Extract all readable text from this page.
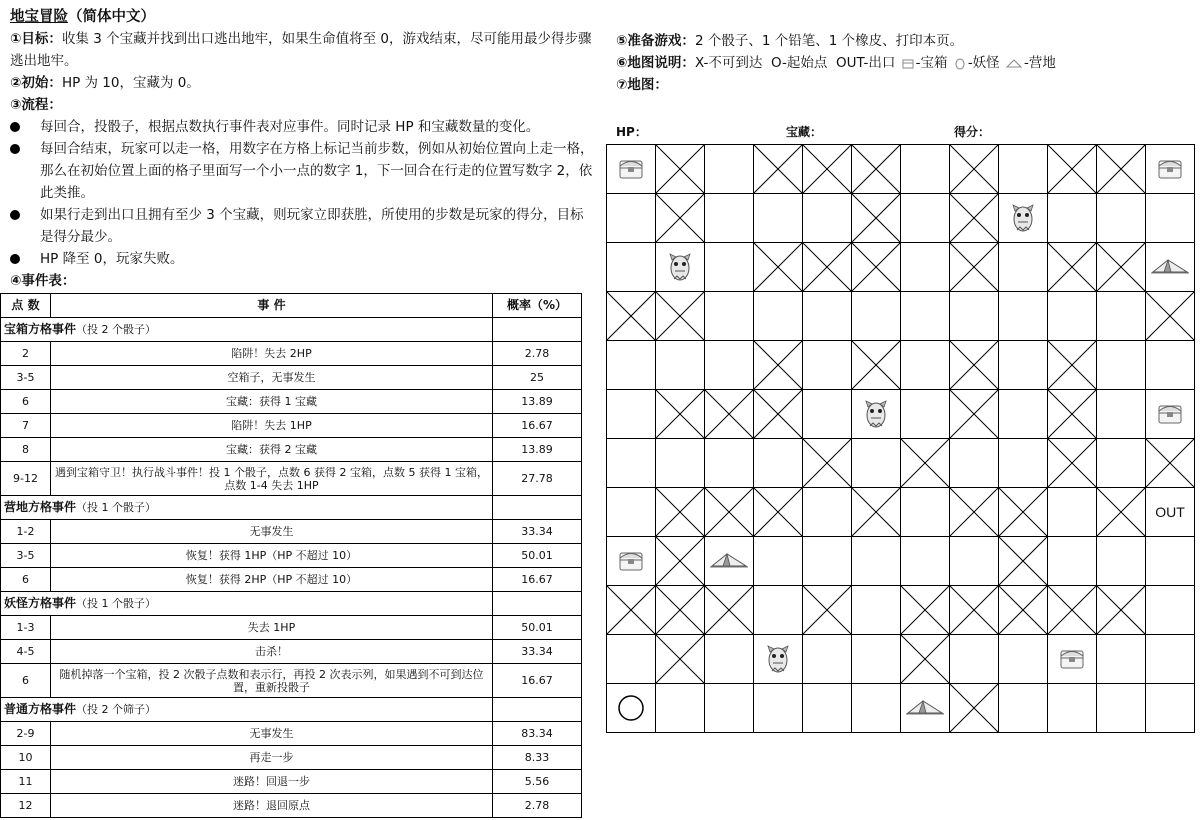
地宝冒险（简体中文）

①目标：收集 3 个宝藏并找到出口逃出地牢，如果生命值将至 0，游戏结束，尽可能用最少得步骤逃出地牢。

②初始：HP 为 10，宝藏为 0。

③流程：

每回合，投骰子，根据点数执行事件表对应事件。同时记录 HP 和宝藏数量的变化。
每回合结束，玩家可以走一格，用数字在方格上标记当前步数，例如从初始位置向上走一格，那么在初始位置上面的格子里面写一个小一点的数字 1，下一回合在行走的位置写数字 2，依此类推。
如果行走到出口且拥有至少 3 个宝藏，则玩家立即获胜，所使用的步数是玩家的得分，目标是得分最少。
HP 降至 0，玩家失败。

④事件表：

点 数	事 件	概率（%）
宝箱方格事件（投 2 个骰子）		
2	陷阱！失去 2HP	2.78
3-5	空箱子，无事发生	25
6	宝藏：获得 1 宝藏	13.89
7	陷阱！失去 1HP	16.67
8	宝藏：获得 2 宝藏	13.89
9-12	遇到宝箱守卫！执行战斗事件！投 1 个骰子，点数 6 获得 2 宝箱，点数 5 获得 1 宝箱，点数 1-4 失去 1HP	27.78
营地方格事件（投 1 个骰子）		
1-2	无事发生	33.34
3-5	恢复！获得 1HP（HP 不超过 10）	50.01
6	恢复！获得 2HP（HP 不超过 10）	16.67
妖怪方格事件（投 1 个骰子）		
1-3	失去 1HP	50.01
4-5	击杀！	33.34
6	随机掉落一个宝箱，投 2 次骰子点数和表示行，再投 2 次表示列，如果遇到不可到达位置，重新投骰子	16.67
普通方格事件（投 2 个筛子）		
2-9	无事发生	83.34
10	再走一步	8.33
11	迷路！回退一步	5.56
12	迷路！退回原点	2.78
⑤准备游戏：2 个骰子、1 个铅笔、1 个橡皮、打印本页。
⑥地图说明：X-不可到达 O-起始点 OUT-出口 -宝箱 -妖怪 -营地
⑦地图：
HP：	宝藏：	得分：
OUT
